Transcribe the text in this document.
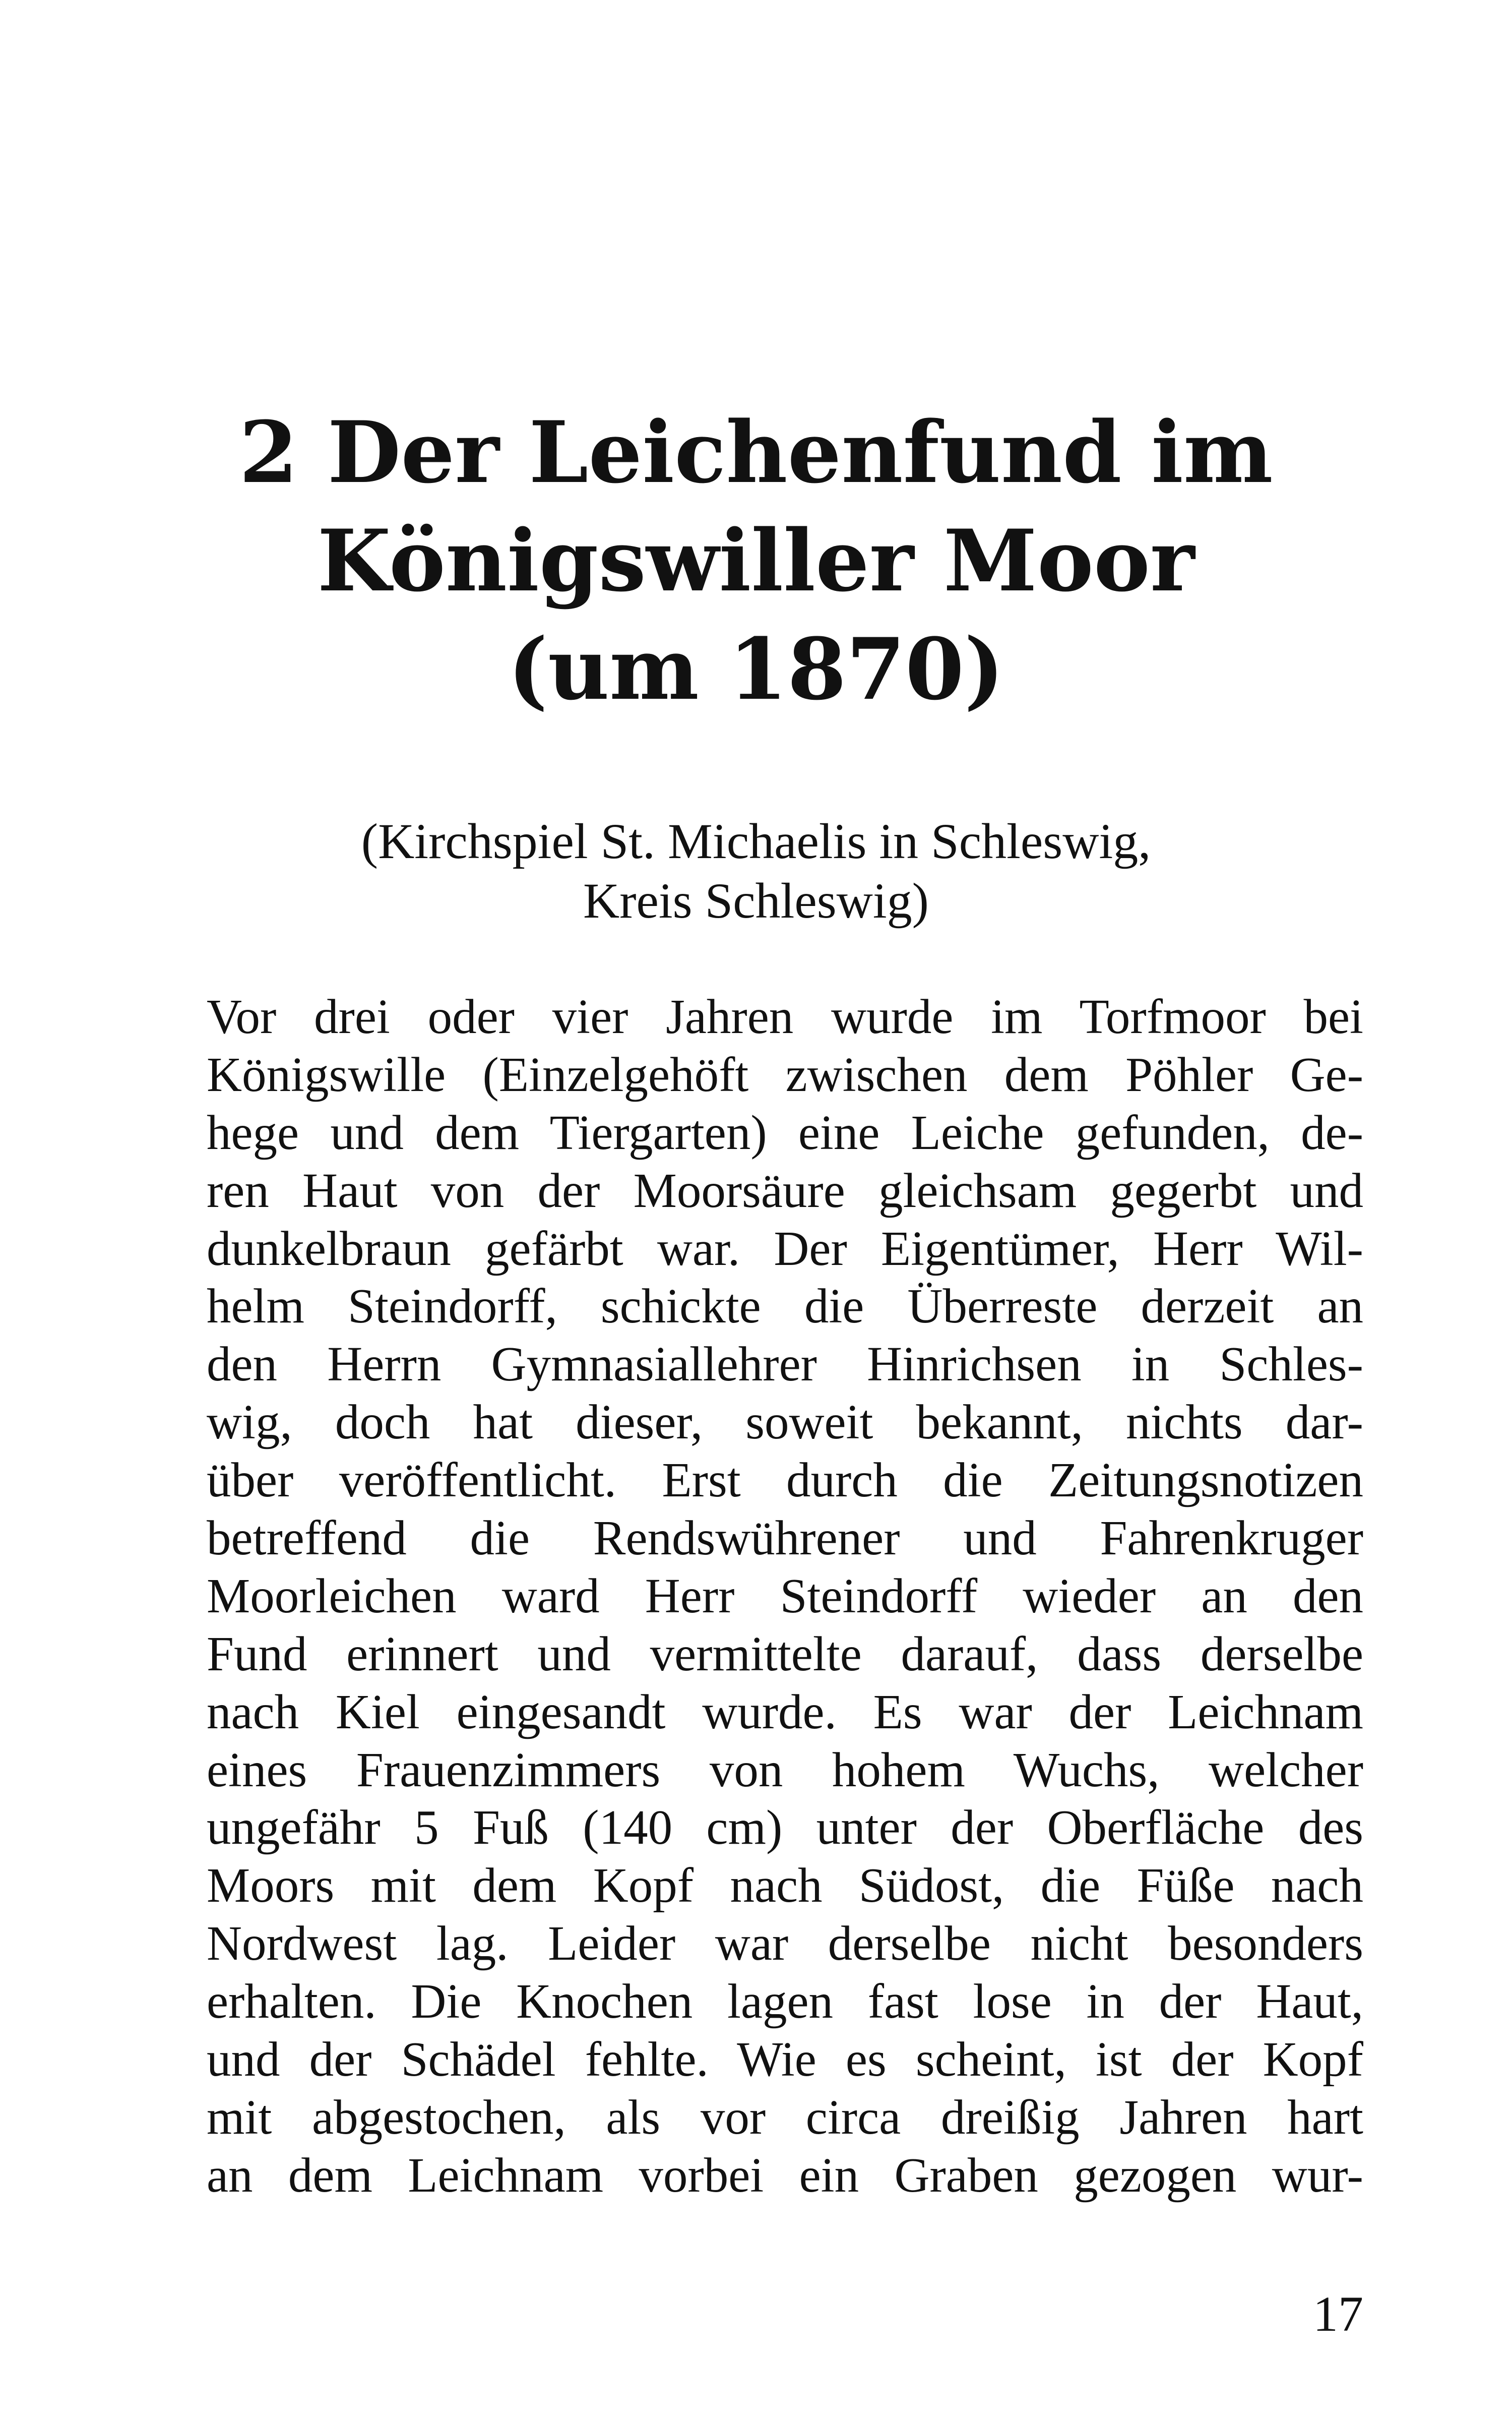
2 Der Leichenfund im
Königswiller Moor
(um 1870)
(Kirchspiel St. Michaelis in Schleswig,
Kreis Schleswig)
Vor drei oder vier Jahren wurde im Torfmoor bei
Königswille (Einzelgehöft zwischen dem Pöhler Ge-
hege und dem Tiergarten) eine Leiche gefunden, de-
ren Haut von der Moorsäure gleichsam gegerbt und
dunkelbraun gefärbt war. Der Eigentümer, Herr Wil-
helm Steindorff, schickte die Überreste derzeit an
den Herrn Gymnasiallehrer Hinrichsen in Schles-
wig, doch hat dieser, soweit bekannt, nichts dar-
über veröffentlicht. Erst durch die Zeitungsnotizen
betreffend die Rendswührener und Fahrenkruger
Moorleichen ward Herr Steindorff wieder an den
Fund erinnert und vermittelte darauf, dass derselbe
nach Kiel eingesandt wurde. Es war der Leichnam
eines Frauenzimmers von hohem Wuchs, welcher
ungefähr 5 Fuß (140 cm) unter der Oberfläche des
Moors mit dem Kopf nach Südost, die Füße nach
Nordwest lag. Leider war derselbe nicht besonders
erhalten. Die Knochen lagen fast lose in der Haut,
und der Schädel fehlte. Wie es scheint, ist der Kopf
mit abgestochen, als vor circa dreißig Jahren hart
an dem Leichnam vorbei ein Graben gezogen wur-
17
